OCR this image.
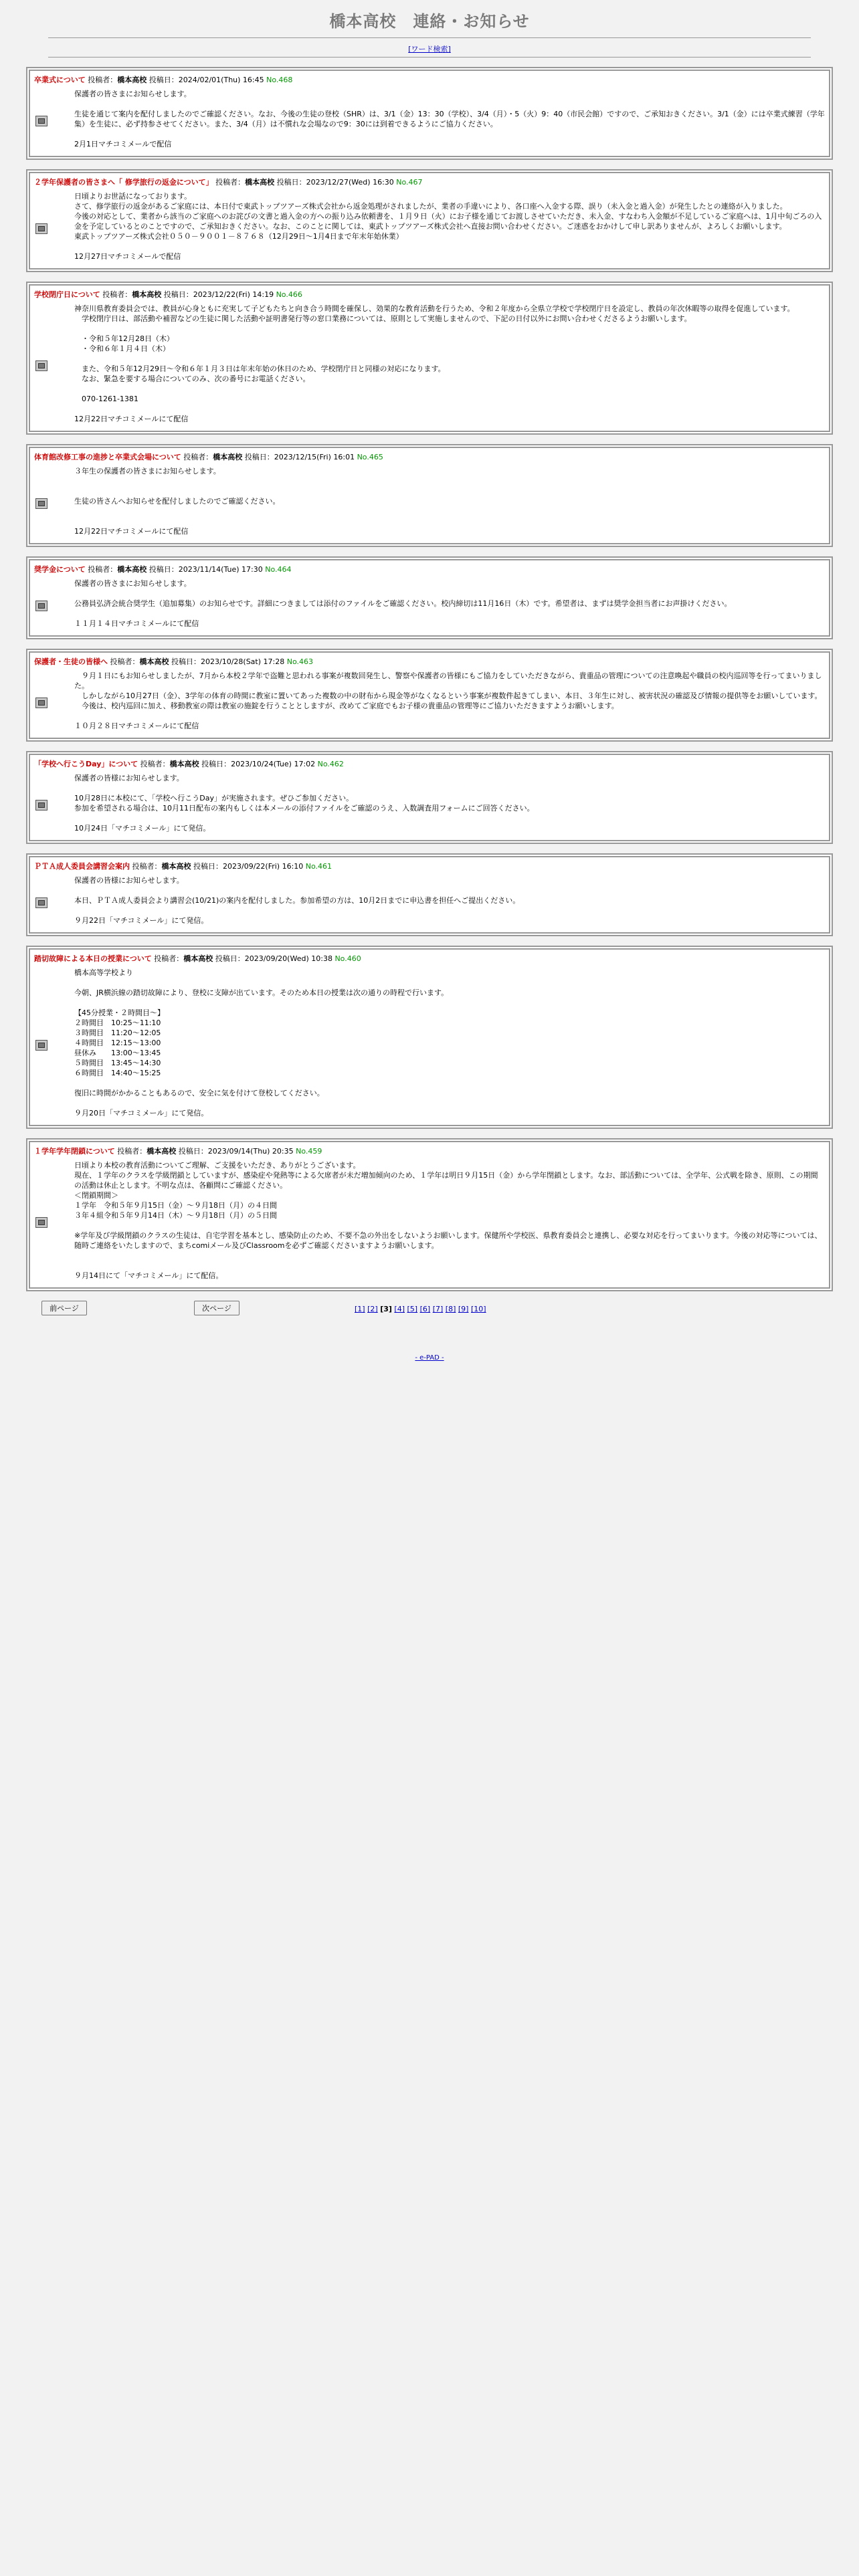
橋本高校　連絡・お知らせ
[ワード検索]
卒業式について 投稿者：橋本高校 投稿日：2024/02/01(Thu) 16:45 No.468
保護者の皆さまにお知らせします。

生徒を通じて案内を配付しましたのでご確認ください。なお、今後の生徒の登校（SHR）は、3/1（金）13：30（学校）、3/4（月）・5（火）9：40（市民会館）ですので、ご承知おきください。3/1（金）には卒業式練習（学年集）を生徒に、必ず持参させてください。また、3/4（月）は不慣れな会場なので9：30には到着できるようにご協力ください。

2月1日マチコミメールで配信
２学年保護者の皆さまへ「 修学旅行の返金について」 投稿者：橋本高校 投稿日：2023/12/27(Wed) 16:30 No.467
日頃よりお世話になっております。
さて、修学旅行の返金があるご家庭には、本日付で東武トップツアーズ株式会社から返金処理がされましたが、業者の手違いにより、各口座へ入金する際、誤り（未入金と過入金）が発生したとの連絡が入りました。
今後の対応として、業者から該当のご家庭へのお詫びの文書と過入金の方への振り込み依頼書を、１月９日（火）にお子様を通じてお渡しさせていただき、未入金、すなわち入金額が不足しているご家庭へは、1月中旬ごろの入金を予定しているとのことですので、ご承知おきください。なお、このことに関しては、東武トップツアーズ株式会社へ直接お問い合わせください。ご迷惑をおかけして申し訳ありませんが、よろしくお願いします。
東武トップツアーズ株式会社０５０－９００１－８７６８（12月29日～1月4日まで年末年始休業）

12月27日マチコミメールで配信
学校閉庁日について 投稿者：橋本高校 投稿日：2023/12/22(Fri) 14:19 No.466
神奈川県教育委員会では、教員が心身ともに充実して子どもたちと向き合う時間を確保し、効果的な教育活動を行うため、令和２年度から全県立学校で学校閉庁日を設定し、教員の年次休暇等の取得を促進しています。
　学校閉庁日は、部活動や補習などの生徒に関した活動や証明書発行等の窓口業務については、原則として実施しませんので、下記の日付以外にお問い合わせくださるようお願いします。

　・令和５年12月28日（木）
　・令和６年１月４日（木）

　また、令和５年12月29日～令和６年１月３日は年末年始の休日のため、学校閉庁日と同様の対応になります。
　なお、緊急を要する場合についてのみ、次の番号にお電話ください。

　070-1261-1381

12月22日マチコミメールにて配信
体育館改修工事の進捗と卒業式会場について 投稿者：橋本高校 投稿日：2023/12/15(Fri) 16:01 No.465
３年生の保護者の皆さまにお知らせします。

生徒の皆さんへお知らせを配付しましたのでご確認ください。

12月22日マチコミメールにて配信
奨学金について 投稿者：橋本高校 投稿日：2023/11/14(Tue) 17:30 No.464
保護者の皆さまにお知らせします。

公務員弘済会統合奨学生（追加募集）のお知らせです。詳細につきましては添付のファイルをご確認ください。校内締切は11月16日（木）です。希望者は、まずは奨学金担当者にお声掛けください。

１１月１４日マチコミメールにて配信
保護者・生徒の皆様へ 投稿者：橋本高校 投稿日：2023/10/28(Sat) 17:28 No.463
　９月１日にもお知らせしましたが、7月から本校２学年で盗難と思われる事案が複数回発生し、警察や保護者の皆様にもご協力をしていただきながら、貴重品の管理についての注意喚起や職員の校内巡回等を行ってまいりました。
　しかしながら10月27日（金）、3学年の体育の時間に教室に置いてあった複数の中の財布から現金等がなくなるという事案が複数件起きてしまい、本日、３年生に対し、被害状況の確認及び情報の提供等をお願いしています。
　今後は、校内巡回に加え、移動教室の際は教室の施錠を行うこととしますが、改めてご家庭でもお子様の貴重品の管理等にご協力いただきますようお願いします。

１０月２８日マチコミメールにて配信
「学校へ行こうDay」について 投稿者：橋本高校 投稿日：2023/10/24(Tue) 17:02 No.462
保護者の皆様にお知らせします。

10月28日に本校にて、「学校へ行こうDay」が実施されます。ぜひご参加ください。
参加を希望される場合は、10月11日配布の案内もしくは本メールの添付ファイルをご確認のうえ、入数調査用フォームにご回答ください。

10月24日「マチコミメール」にて発信。
ＰＴＡ成人委員会講習会案内 投稿者：橋本高校 投稿日：2023/09/22(Fri) 16:10 No.461
保護者の皆様にお知らせします。

本日、ＰＴＡ成人委員会より講習会(10/21)の案内を配付しました。参加希望の方は、10月2日までに申込書を担任へご提出ください。

９月22日「マチコミメール」にて発信。
踏切故障による本日の授業について 投稿者：橋本高校 投稿日：2023/09/20(Wed) 10:38 No.460
橋本高等学校より

今朝、JR横浜線の踏切故障により、登校に支障が出ています。そのため本日の授業は次の通りの時程で行います。

【45分授業・２時間目～】
２時間目　10:25～11:10
３時間目　11:20～12:05
４時間目　12:15～13:00
昼休み　　13:00～13:45
５時間目　13:45～14:30
６時間目　14:40～15:25

復旧に時間がかかることもあるので、安全に気を付けて登校してください。

９月20日「マチコミメール」にて発信。
１学年学年閉鎖について 投稿者：橋本高校 投稿日：2023/09/14(Thu) 20:35 No.459
日頃より本校の教育活動についてご理解、ご支援をいただき、ありがとうございます。
現在、１学年のクラスを学級閉鎖としていますが、感染症や発熱等による欠席者が未だ増加傾向のため、１学年は明日９月15日（金）から学年閉鎖とします。なお、部活動については、全学年、公式戦を除き、原則、この期間の活動は休止とします。不明な点は、各顧問にご確認ください。
＜閉鎖期間＞
１学年　令和５年９月15日（金）～９月18日（月）の４日間
３年４組令和５年９月14日（木）～９月18日（月）の５日間

※学年及び学級閉鎖のクラスの生徒は、自宅学習を基本とし、感染防止のため、不要不急の外出をしないようお願いします。保健所や学校医、県教育委員会と連携し、必要な対応を行ってまいります。今後の対応等については、随時ご連絡をいたしますので、まちcomiメール及びClassroomを必ずご確認くださいますようお願いします。

９月14日にて「マチコミメール」にて配信。
前ページ	次ページ	[1] [2] [3] [4] [5] [6] [7] [8] [9] [10]
- e-PAD -
